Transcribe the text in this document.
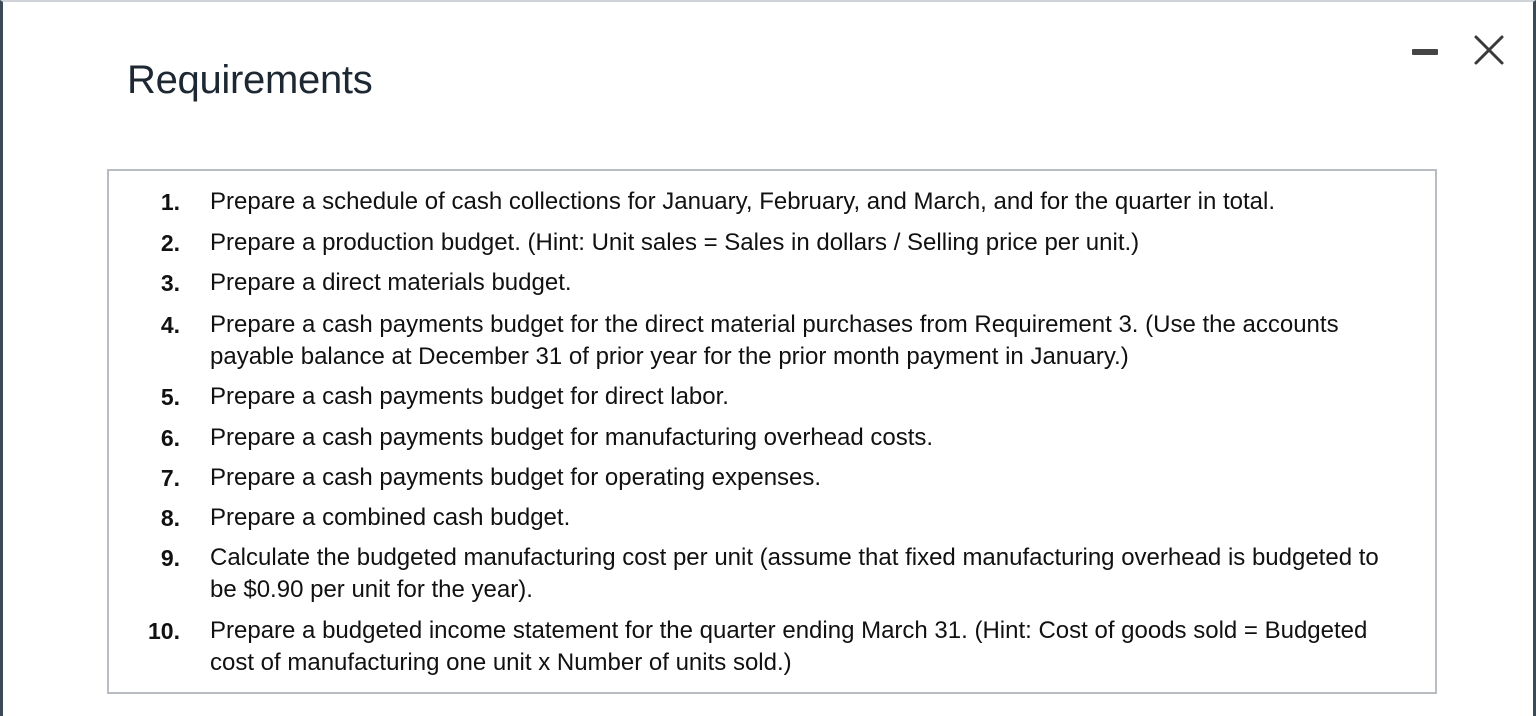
Requirements
1. Prepare a schedule of cash collections for January, February, and March, and for the quarter in total.
2. Prepare a production budget. (Hint: Unit sales = Sales in dollars / Selling price per unit.)
3. Prepare a direct materials budget.
4. Prepare a cash payments budget for the direct material purchases from Requirement 3. (Use the accounts payable balance at December 31 of prior year for the prior month payment in January.)
5. Prepare a cash payments budget for direct labor.
6. Prepare a cash payments budget for manufacturing overhead costs.
7. Prepare a cash payments budget for operating expenses.
8. Prepare a combined cash budget.
9. Calculate the budgeted manufacturing cost per unit (assume that fixed manufacturing overhead is budgeted to be $0.90 per unit for the year).
10. Prepare a budgeted income statement for the quarter ending March 31. (Hint: Cost of goods sold = Budgeted cost of manufacturing one unit x Number of units sold.)
